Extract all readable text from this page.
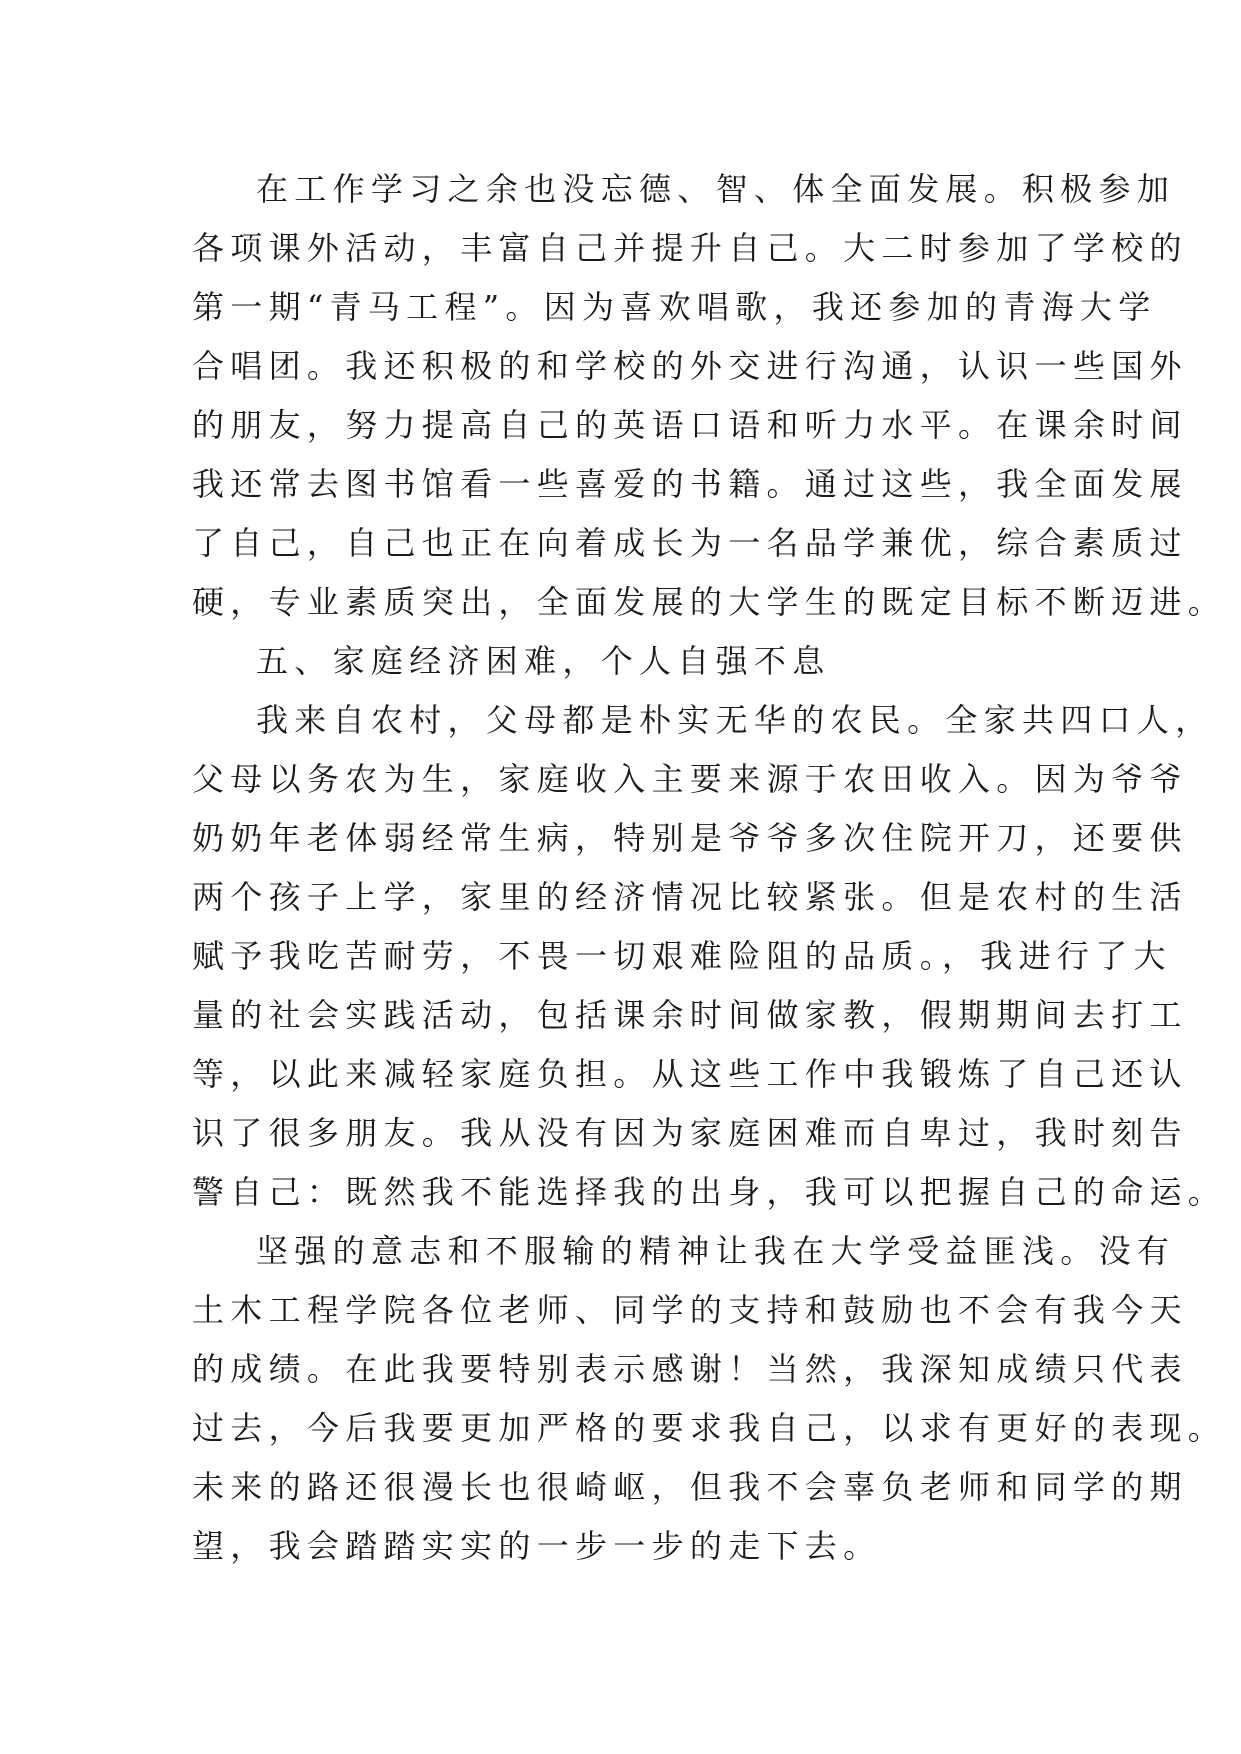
在工作学习之余也没忘德、智、体全面发展。积极参加
各项课外活动，丰富自己并提升自己。大二时参加了学校的
第一期“青马工程”。因为喜欢唱歌，我还参加的青海大学
合唱团。我还积极的和学校的外交进行沟通，认识一些国外
的朋友，努力提高自己的英语口语和听力水平。在课余时间
我还常去图书馆看一些喜爱的书籍。通过这些，我全面发展
了自己，自己也正在向着成长为一名品学兼优，综合素质过
硬，专业素质突出，全面发展的大学生的既定目标不断迈进。
五、家庭经济困难，个人自强不息
我来自农村，父母都是朴实无华的农民。全家共四口人，
父母以务农为生，家庭收入主要来源于农田收入。因为爷爷
奶奶年老体弱经常生病，特别是爷爷多次住院开刀，还要供
两个孩子上学，家里的经济情况比较紧张。但是农村的生活
赋予我吃苦耐劳，不畏一切艰难险阻的品质。，我进行了大
量的社会实践活动，包括课余时间做家教，假期期间去打工
等，以此来减轻家庭负担。从这些工作中我锻炼了自己还认
识了很多朋友。我从没有因为家庭困难而自卑过，我时刻告
警自己：既然我不能选择我的出身，我可以把握自己的命运。
坚强的意志和不服输的精神让我在大学受益匪浅。没有
土木工程学院各位老师、同学的支持和鼓励也不会有我今天
的成绩。在此我要特别表示感谢！当然，我深知成绩只代表
过去，今后我要更加严格的要求我自己，以求有更好的表现。
未来的路还很漫长也很崎岖，但我不会辜负老师和同学的期
望，我会踏踏实实的一步一步的走下去。
